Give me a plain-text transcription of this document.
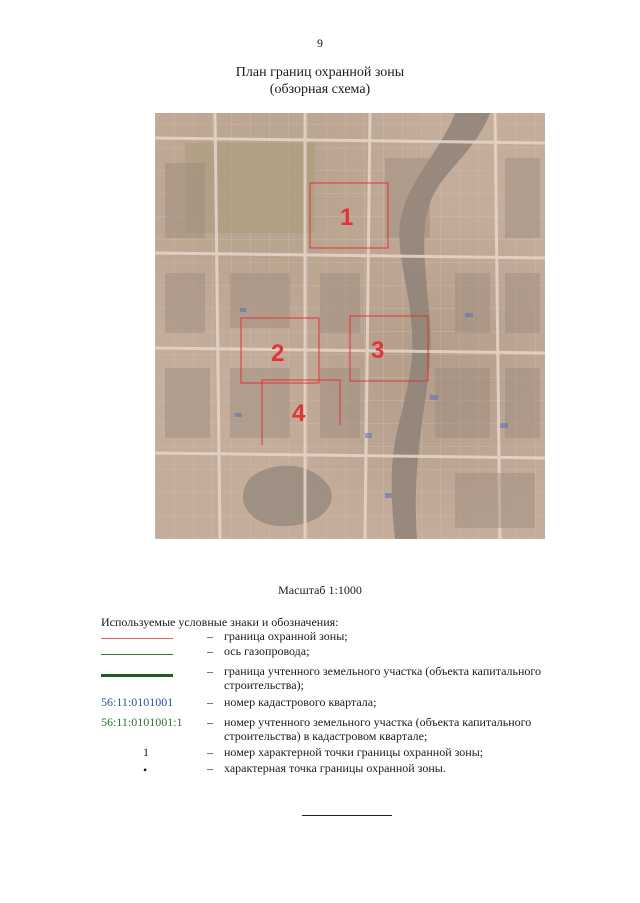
9
План границ охранной зоны
(обзорная схема)
1
2	3
4
Масштаб 1:1000
Используемые условные знаки и обозначения:
– граница охранной зоны;
– ось газопровода;
– граница учтенного земельного участка (объекта капитального строительства);
56:11:0101001	– номер кадастрового квартала;
56:11:0101001:1	– номер учтенного земельного участка (объекта капитального строительства) в кадастровом квартале;
1	– номер характерной точки границы охранной зоны;
•	– характерная точка границы охранной зоны.
